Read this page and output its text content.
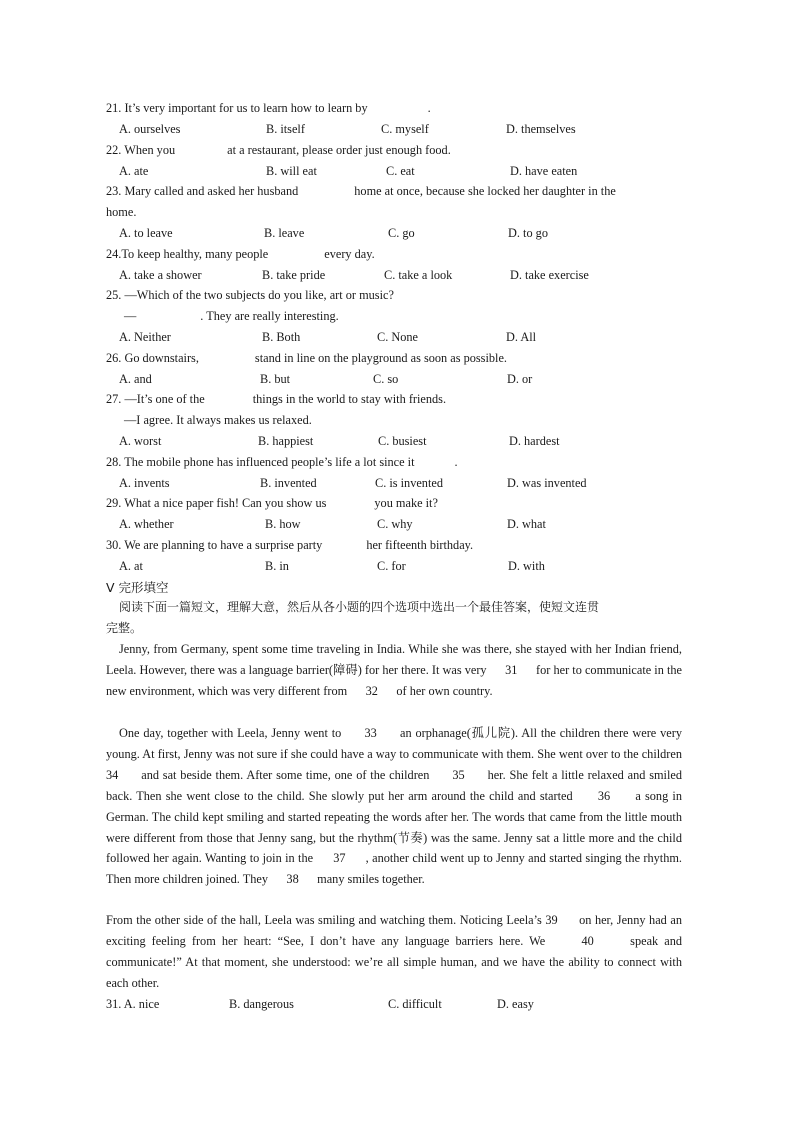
21. It’s very important for us to learn how to learn by	.
A. ourselves	B. itself	C. myself	D. themselves
22. When you	at a restaurant, please order just enough food.
A. ate	B. will eat	C. eat	D. have eaten
23. Mary called and asked her husband	home at once, because she locked her daughter in the
home.
A. to leave	B. leave	C. go	D. to go
24.To keep healthy, many people	every day.
A. take a shower	B. take pride	C. take a look	D. take exercise
25. —Which of the two subjects do you like, art or music?
—	. They are really interesting.
A. Neither	B. Both	C. None	D. All
26. Go downstairs,	stand in line on the playground as soon as possible.
A. and	B. but	C. so	D. or
27. —It’s one of the	things in the world to stay with friends.
—I agree. It always makes us relaxed.
A. worst	B. happiest	C. busiest	D. hardest
28. The mobile phone has influenced people’s life a lot since it	.
A. invents	B. invented	C. is invented	D. was invented
29. What a nice paper fish! Can you show us	you make it?
A. whether	B. how	C. why	D. what
30. We are planning to have a surprise party	her fifteenth birthday.
A. at	B. in	C. for	D. with
V 完形填空
阅读下面一篇短文，理解大意，然后从各小题的四个选项中选出一个最佳答案，使短文连贯
完整。

Jenny, from Germany, spent some time traveling in India. While she was there, she stayed with her Indian friend, Leela. However, there was a language barrier(障碍) for her there. It was very      31      for her to communicate in the new environment, which was very different from      32      of her own country.

One day, together with Leela, Jenny went to      33      an orphanage(孤儿院). All the children there were very young. At first, Jenny was not sure if she could have a way to communicate with them. She went over to the children      34      and sat beside them. After some time, one of the children      35      her. She felt a little relaxed and smiled back. Then she went close to the child. She slowly put her arm around the child and started      36      a song in German. The child kept smiling and started repeating the words after her. The words that came from the little mouth were different from those that Jenny sang, but the rhythm(节奏) was the same. Jenny sat a little more and the child followed her again. Wanting to join in the      37      , another child went up to Jenny and started singing the rhythm. Then more children joined. They      38      many smiles together.

From the other side of the hall, Leela was smiling and watching them. Noticing Leela’s 39      on her, Jenny had an exciting feeling from her heart: “See, I don’t have any language barriers here. We      40      speak and communicate!” At that moment, she understood: we’re all simple human, and we have the ability to connect with each other.

31. A. nice	B. dangerous	C. difficult	D. easy
